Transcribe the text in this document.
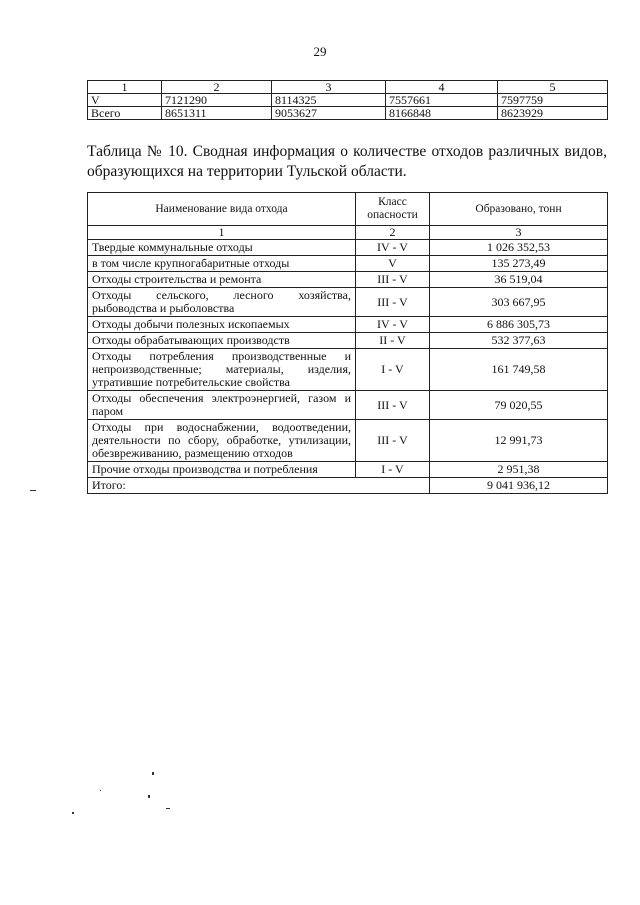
29
1	2	3	4	5
V	7121290	8114325	7557661	7597759
Всего	8651311	9053627	8166848	8623929
Таблица № 10. Сводная информация о количестве отходов различных видов, образующихся на территории Тульской области.
Наименование вида отхода	Класс опасности	Образовано, тонн
1	2	3
Твердые коммунальные отходы	IV - V	1 026 352,53
в том числе крупногабаритные отходы	V	135 273,49
Отходы строительства и ремонта	III - V	36 519,04
Отходы сельского, лесного хозяйства, рыбоводства и рыболовства	III - V	303 667,95
Отходы добычи полезных ископаемых	IV - V	6 886 305,73
Отходы обрабатывающих производств	II - V	532 377,63
Отходы потребления производственные и непроизводственные; материалы, изделия, утратившие потребительские свойства	I - V	161 749,58
Отходы обеспечения электроэнергией, газом и паром	III - V	79 020,55
Отходы при водоснабжении, водоотведении, деятельности по сбору, обработке, утилизации, обезвреживанию, размещению отходов	III - V	12 991,73
Прочие отходы производства и потребления	I - V	2 951,38
Итого:		9 041 936,12
